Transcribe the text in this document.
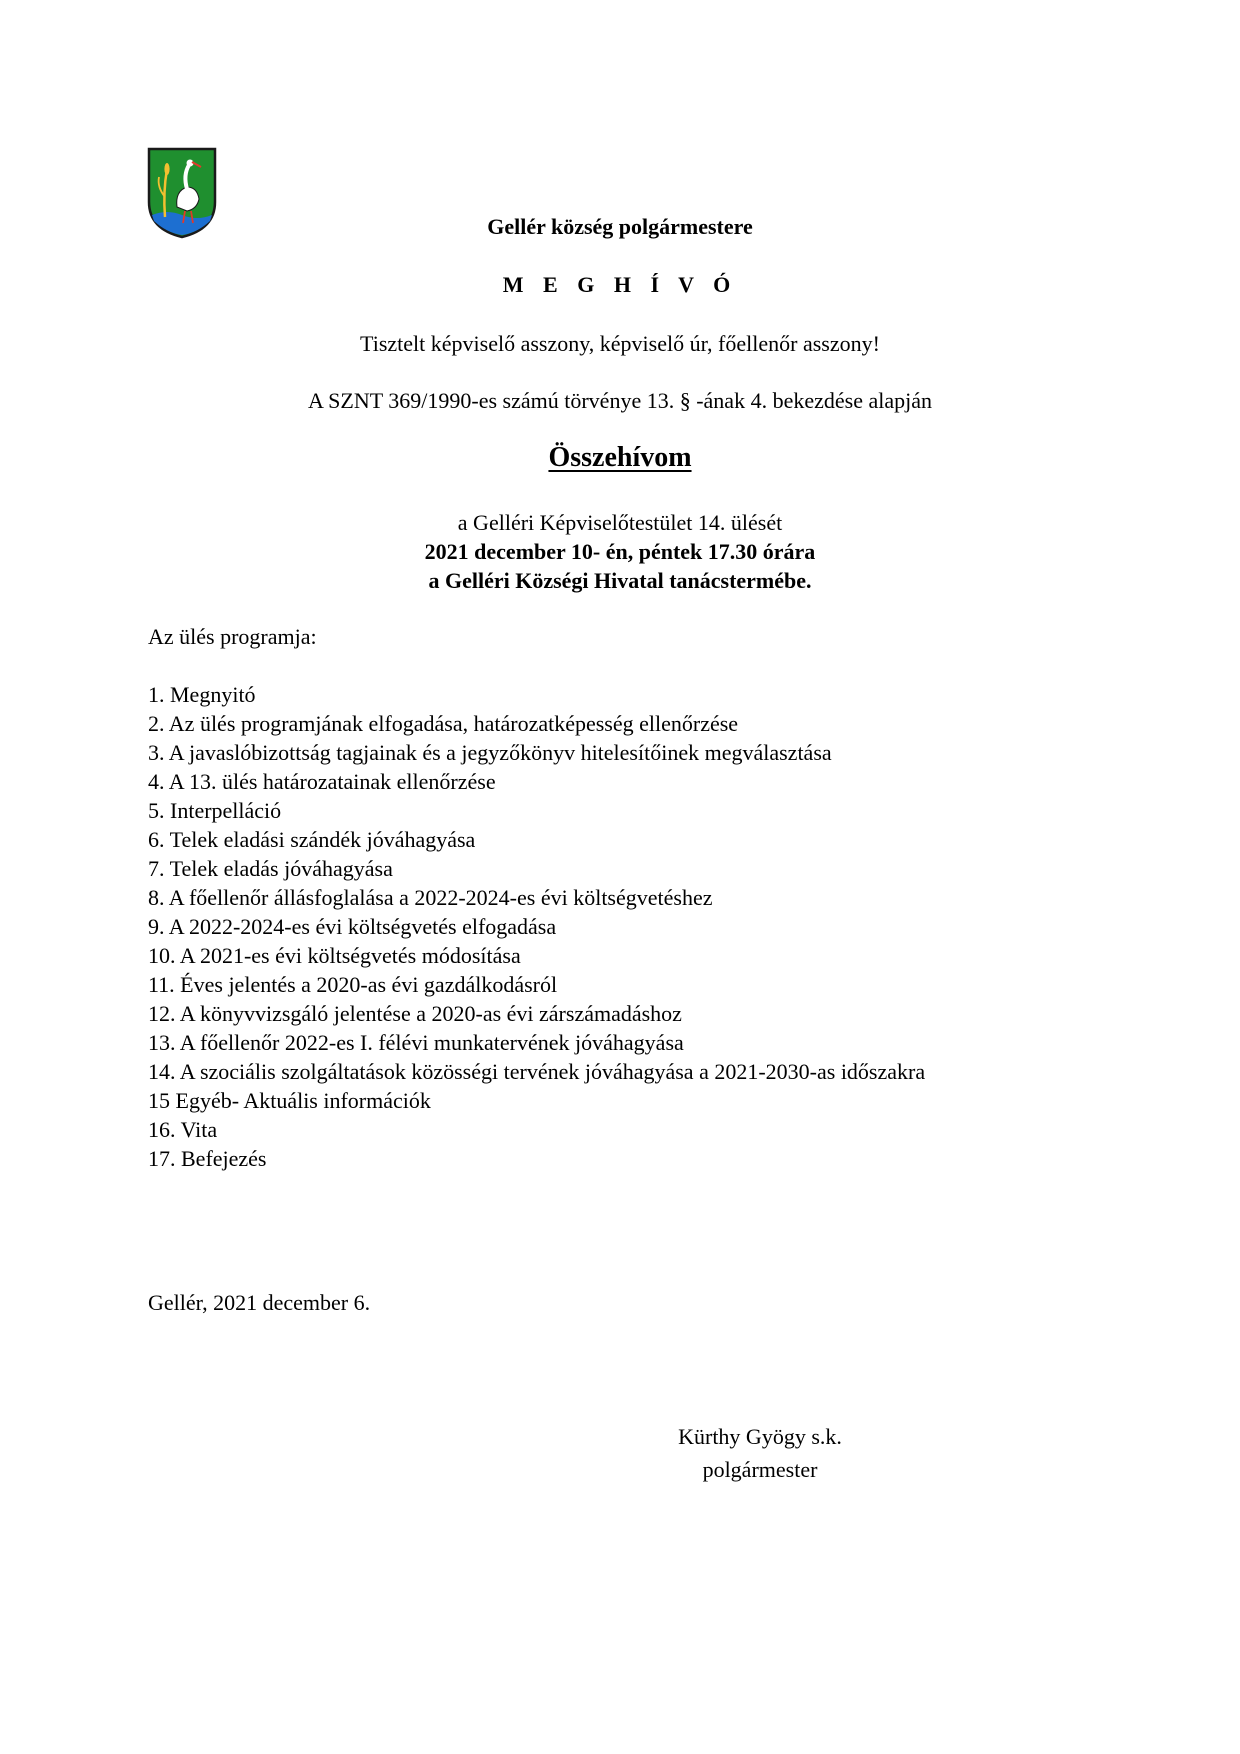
Gellér község polgármestere
M E G H Í V Ó
Tisztelt képviselő asszony, képviselő úr, főellenőr asszony!
A SZNT 369/1990-es számú törvénye 13. § -ának 4. bekezdése alapján
Összehívom
a Gelléri Képviselőtestület 14. ülését
2021 december 10- én, péntek 17.30 órára
a Gelléri Községi Hivatal tanácstermébe.
Az ülés programja:
1. Megnyitó
2. Az ülés programjának elfogadása, határozatképesség ellenőrzése
3. A javaslóbizottság tagjainak és a jegyzőkönyv hitelesítőinek megválasztása
4. A 13. ülés határozatainak ellenőrzése
5. Interpelláció
6. Telek eladási szándék jóváhagyása
7. Telek eladás jóváhagyása
8. A főellenőr állásfoglalása a 2022-2024-es évi költségvetéshez
9. A 2022-2024-es évi költségvetés elfogadása
10. A 2021-es évi költségvetés módosítása
11. Éves jelentés a 2020-as évi gazdálkodásról
12. A könyvvizsgáló jelentése a 2020-as évi zárszámadáshoz
13. A főellenőr 2022-es I. félévi munkatervének jóváhagyása
14. A szociális szolgáltatások közösségi tervének jóváhagyása a 2021-2030-as időszakra
15 Egyéb- Aktuális információk
16. Vita
17. Befejezés
Gellér, 2021 december 6.
Kürthy Gyögy s.k.
polgármester
